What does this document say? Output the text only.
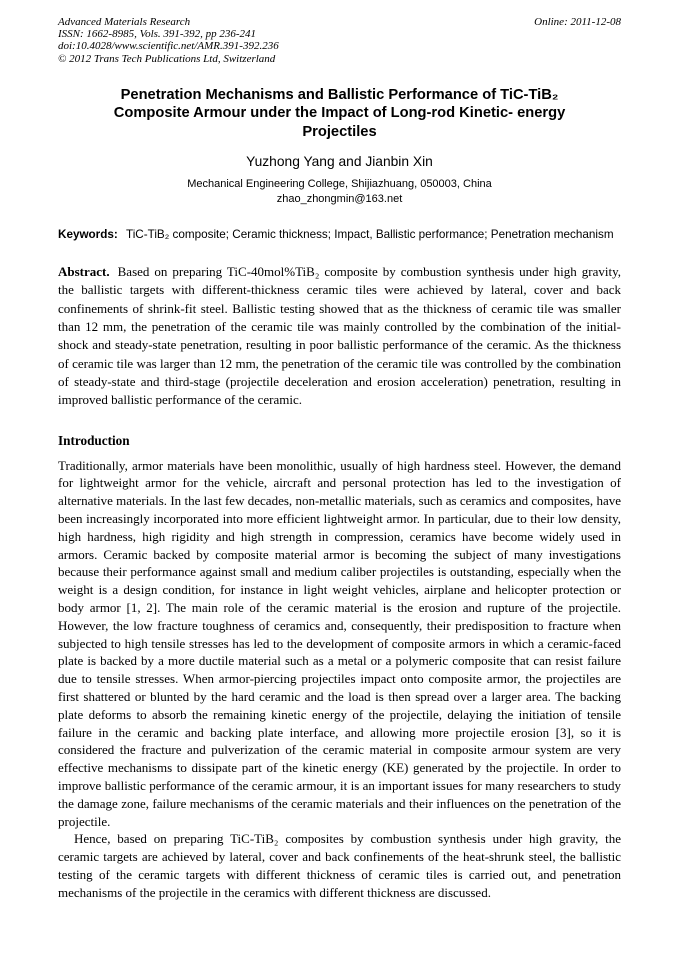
Advanced Materials Research
ISSN: 1662-8985, Vols. 391-392, pp 236-241
doi:10.4028/www.scientific.net/AMR.391-392.236
© 2012 Trans Tech Publications Ltd, Switzerland
Online: 2011-12-08
Penetration Mechanisms and Ballistic Performance of TiC-TiB₂ Composite Armour under the Impact of Long-rod Kinetic- energy Projectiles
Yuzhong Yang and Jianbin Xin
Mechanical Engineering College, Shijiazhuang, 050003, China
zhao_zhongmin@163.net

Keywords: TiC-TiB₂ composite; Ceramic thickness; Impact, Ballistic performance; Penetration mechanism

Abstract. Based on preparing TiC-40mol%TiB₂ composite by combustion synthesis under high gravity, the ballistic targets with different-thickness ceramic tiles were achieved by lateral, cover and back confinements of shrink-fit steel. Ballistic testing showed that as the thickness of ceramic tile was smaller than 12 mm, the penetration of the ceramic tile was mainly controlled by the combination of the initial-shock and steady-state penetration, resulting in poor ballistic performance of the ceramic. As the thickness of ceramic tile was larger than 12 mm, the penetration of the ceramic tile was controlled by the combination of steady-state and third-stage (projectile deceleration and erosion acceleration) penetration, resulting in improved ballistic performance of the ceramic.

Introduction

Traditionally, armor materials have been monolithic, usually of high hardness steel. However, the demand for lightweight armor for the vehicle, aircraft and personal protection has led to the investigation of alternative materials. In the last few decades, non-metallic materials, such as ceramics and composites, have been increasingly incorporated into more efficient lightweight armor. In particular, due to their low density, high hardness, high rigidity and high strength in compression, ceramics have become widely used in armors. Ceramic backed by composite material armor is becoming the subject of many investigations because their performance against small and medium caliber projectiles is outstanding, especially when the weight is a design condition, for instance in light weight vehicles, airplane and helicopter protection or body armor [1, 2]. The main role of the ceramic material is the erosion and rupture of the projectile. However, the low fracture toughness of ceramics and, consequently, their predisposition to fracture when subjected to high tensile stresses has led to the development of composite armors in which a ceramic-faced plate is backed by a more ductile material such as a metal or a polymeric composite that can resist failure due to tensile stresses. When armor-piercing projectiles impact onto composite armor, the projectiles are first shattered or blunted by the hard ceramic and the load is then spread over a larger area. The backing plate deforms to absorb the remaining kinetic energy of the projectile, delaying the initiation of tensile failure in the ceramic and backing plate interface, and allowing more projectile erosion [3], so it is considered the fracture and pulverization of the ceramic material in composite armour system are very effective mechanisms to dissipate part of the kinetic energy (KE) generated by the projectile. In order to improve ballistic performance of the ceramic armour, it is an important issues for many researchers to study the damage zone, failure mechanisms of the ceramic materials and their influences on the penetration of the projectile.

Hence, based on preparing TiC-TiB₂ composites by combustion synthesis under high gravity, the ceramic targets are achieved by lateral, cover and back confinements of the heat-shrunk steel, the ballistic testing of the ceramic targets with different thickness of ceramic tiles is carried out, and penetration mechanisms of the projectile in the ceramics with different thickness are discussed.
